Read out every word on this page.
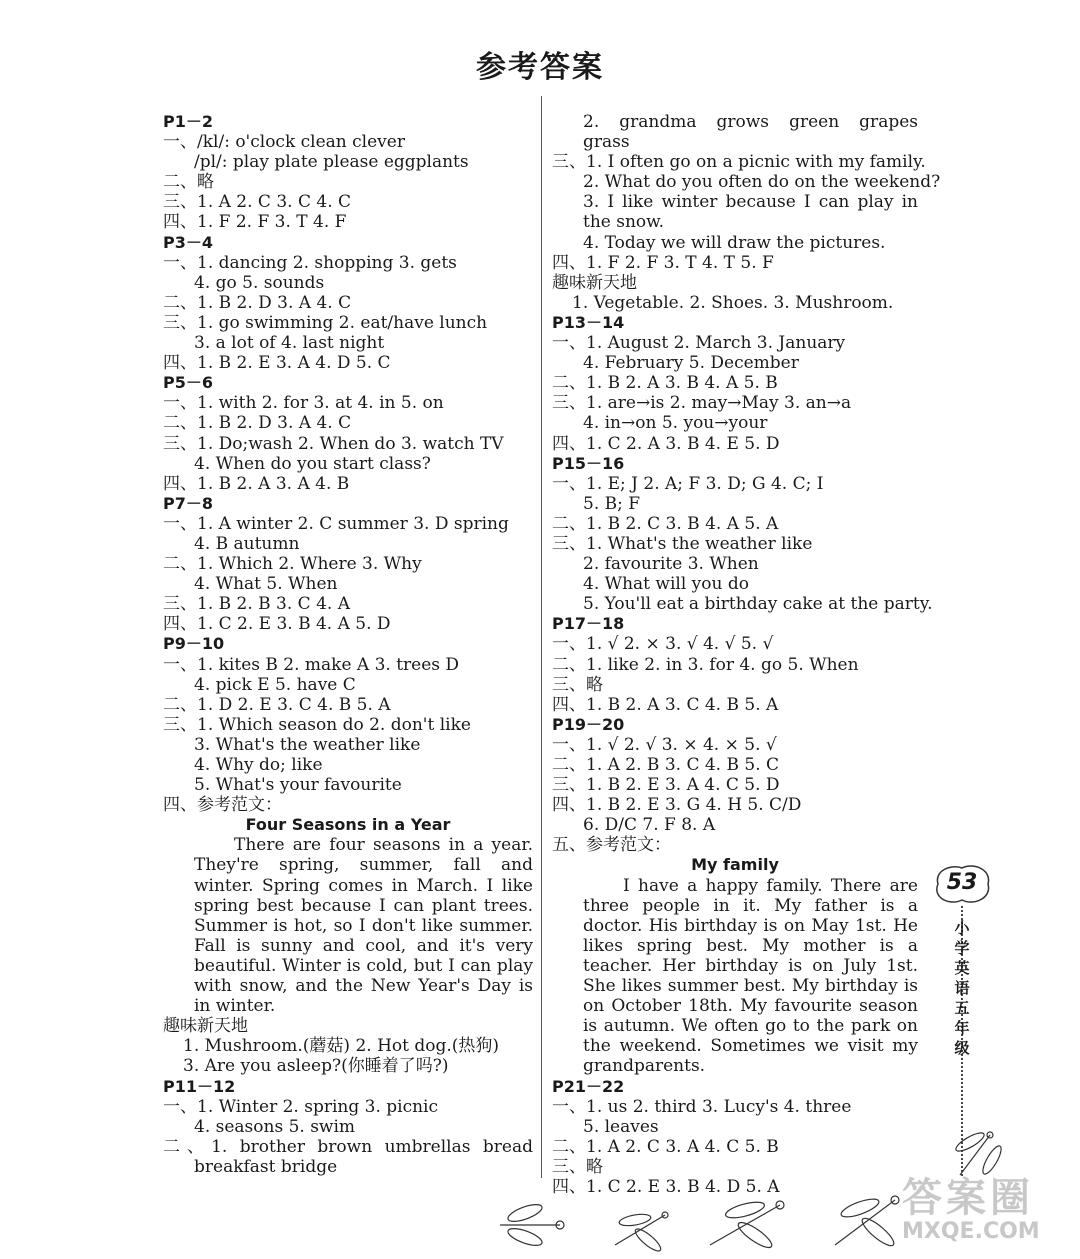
参考答案
P1－2
一、/kl/: o'clock clean clever
/pl/: play plate please eggplants
二、略
三、1. A 2. C 3. C 4. C
四、1. F 2. F 3. T 4. F
P3－4
一、1. dancing 2. shopping 3. gets
4. go 5. sounds
二、1. B 2. D 3. A 4. C
三、1. go swimming 2. eat/have lunch
3. a lot of 4. last night
四、1. B 2. E 3. A 4. D 5. C
P5－6
一、1. with 2. for 3. at 4. in 5. on
二、1. B 2. D 3. A 4. C
三、1. Do;wash 2. When do 3. watch TV
4. When do you start class?
四、1. B 2. A 3. A 4. B
P7－8
一、1. A winter 2. C summer 3. D spring
4. B autumn
二、1. Which 2. Where 3. Why
4. What 5. When
三、1. B 2. B 3. C 4. A
四、1. C 2. E 3. B 4. A 5. D
P9－10
一、1. kites B 2. make A 3. trees D
4. pick E 5. have C
二、1. D 2. E 3. C 4. B 5. A
三、1. Which season do 2. don't like
3. What's the weather like
4. Why do; like
5. What's your favourite
四、参考范文：
Four Seasons in a Year
There are four seasons in a year. They're spring, summer, fall and winter. Spring comes in March. I like spring best because I can plant trees. Summer is hot, so I don't like summer. Fall is sunny and cool, and it's very beautiful. Winter is cold, but I can play with snow, and the New Year's Day is in winter.
趣味新天地
1. Mushroom.(蘑菇) 2. Hot dog.(热狗)
3. Are you asleep?(你睡着了吗?)
P11－12
一、1. Winter 2. spring 3. picnic
4. seasons 5. swim
二、1. brother brown umbrellas bread
breakfast bridge
2. grandma grows green grapes
grass
三、1. I often go on a picnic with my family.
2. What do you often do on the weekend?
3. I like winter because I can play in
the snow.
4. Today we will draw the pictures.
四、1. F 2. F 3. T 4. T 5. F
趣味新天地
1. Vegetable. 2. Shoes. 3. Mushroom.
P13－14
一、1. August 2. March 3. January
4. February 5. December
二、1. B 2. A 3. B 4. A 5. B
三、1. are→is 2. may→May 3. an→a
4. in→on 5. you→your
四、1. C 2. A 3. B 4. E 5. D
P15－16
一、1. E; J 2. A; F 3. D; G 4. C; I
5. B; F
二、1. B 2. C 3. B 4. A 5. A
三、1. What's the weather like
2. favourite 3. When
4. What will you do
5. You'll eat a birthday cake at the party.
P17－18
一、1. √ 2. × 3. √ 4. √ 5. √
二、1. like 2. in 3. for 4. go 5. When
三、略
四、1. B 2. A 3. C 4. B 5. A
P19－20
一、1. √ 2. √ 3. × 4. × 5. √
二、1. A 2. B 3. C 4. B 5. C
三、1. B 2. E 3. A 4. C 5. D
四、1. B 2. E 3. G 4. H 5. C/D
6. D/C 7. F 8. A
五、参考范文：
My family
I have a happy family. There are three people in it. My father is a doctor. His birthday is on May 1st. He likes spring best. My mother is a teacher. Her birthday is on July 1st. She likes summer best. My birthday is on October 18th. My favourite season is autumn. We often go to the park on the weekend. Sometimes we visit my grandparents.
P21－22
一、1. us 2. third 3. Lucy's 4. three
5. leaves
二、1. A 2. C 3. A 4. C 5. B
三、略
四、1. C 2. E 3. B 4. D 5. A
53
小
学
英
语
五
年
级
答案圈
MXQE.COM
